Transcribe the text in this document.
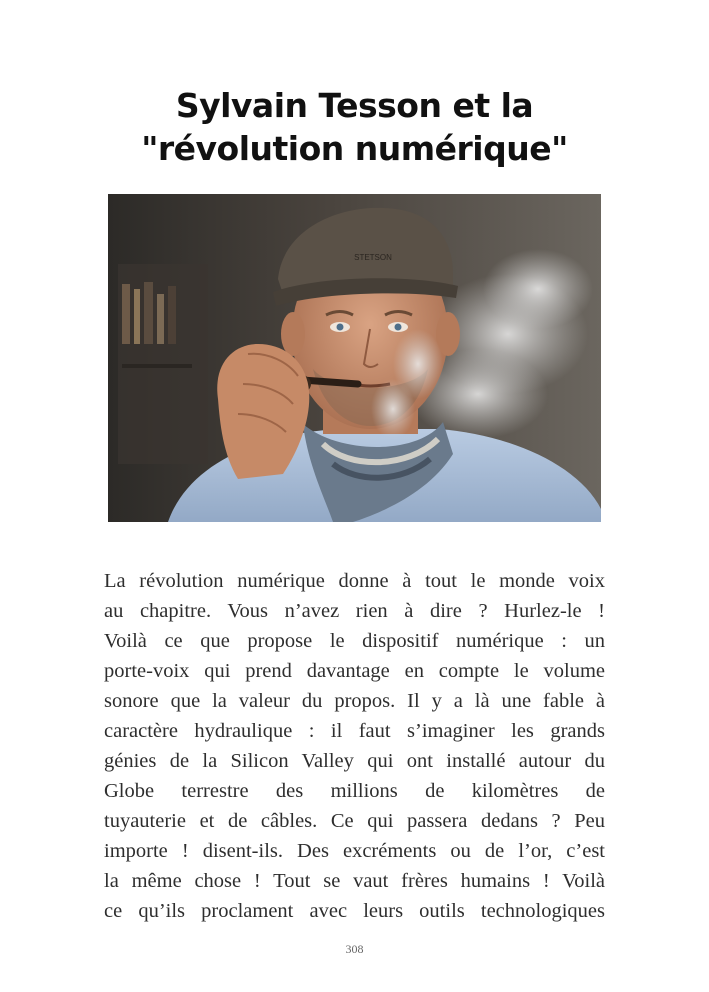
Sylvain Tesson et la
"révolution numérique"
STETSON
La révolution numérique donne à tout le monde voix
au chapitre. Vous n’avez rien à dire ? Hurlez-le !
Voilà ce que propose le dispositif numérique : un
porte-voix qui prend davantage en compte le volume
sonore que la valeur du propos. Il y a là une fable à
caractère hydraulique : il faut s’imaginer les grands
génies de la Silicon Valley qui ont installé autour du
Globe terrestre des millions de kilomètres de
tuyauterie et de câbles. Ce qui passera dedans ? Peu
importe ! disent-ils. Des excréments ou de l’or, c’est
la même chose ! Tout se vaut frères humains ! Voilà
ce qu’ils proclament avec leurs outils technologiques
308
